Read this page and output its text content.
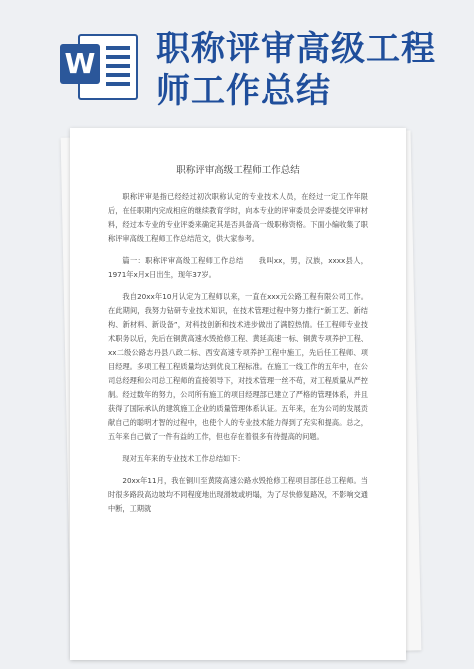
W 职称评审高级工程师工作总结
职称评审高级工程师工作总结

职称评审是指已经经过初次职称认定的专业技术人员，在经过一定工作年限后，在任职期内完成相应的继续教育学时，向本专业的评审委员会评委提交评审材料，经过本专业的专业评委来确定其是否具备高一级职称资格。下面小编收集了职称评审高级工程师工作总结范文，供大家参考。

篇一：职称评审高级工程师工作总结　　我叫xx，男，汉族，xxxx县人，1971年x月x日出生，现年37岁。

我自20xx年10月认定为工程师以来，一直在xxx元公路工程有限公司工作。在此期间，我努力钻研专业技术知识，在技术管理过程中努力推行“新工艺、新结构、新材料、新设备”，对科技创新和技术进步做出了满腔热情。任工程师专业技术职务以后，先后在铜黄高速水毁抢修工程、黄延高速一标、铜黄专项养护工程、xx二级公路志丹县八政二标、西安高速专项养护工程中施工，先后任工程师、项目经理。多项工程工程质量均达到优良工程标准。在施工一线工作的五年中，在公司总经理和公司总工程师的直接领导下，对技术管理一丝不苟，对工程质量从严控制。经过数年的努力，公司所有施工的项目经理部已建立了严格的管理体系，并且获得了国际承认的建筑施工企业的质量管理体系认证。五年来，在为公司的发展贡献自己的聪明才智的过程中，也使个人的专业技术能力得到了充实和提高。总之，五年来自己做了一件有益的工作，但也存在着很多有待提高的问题。

现对五年来的专业技术工作总结如下：

20xx年11月，我在铜川至黄陵高速公路水毁抢修工程项目部任总工程师。当时很多路段高边坡均不同程度地出现滑坡或坍塌，为了尽快修复路况，不影响交通中断，工期就
